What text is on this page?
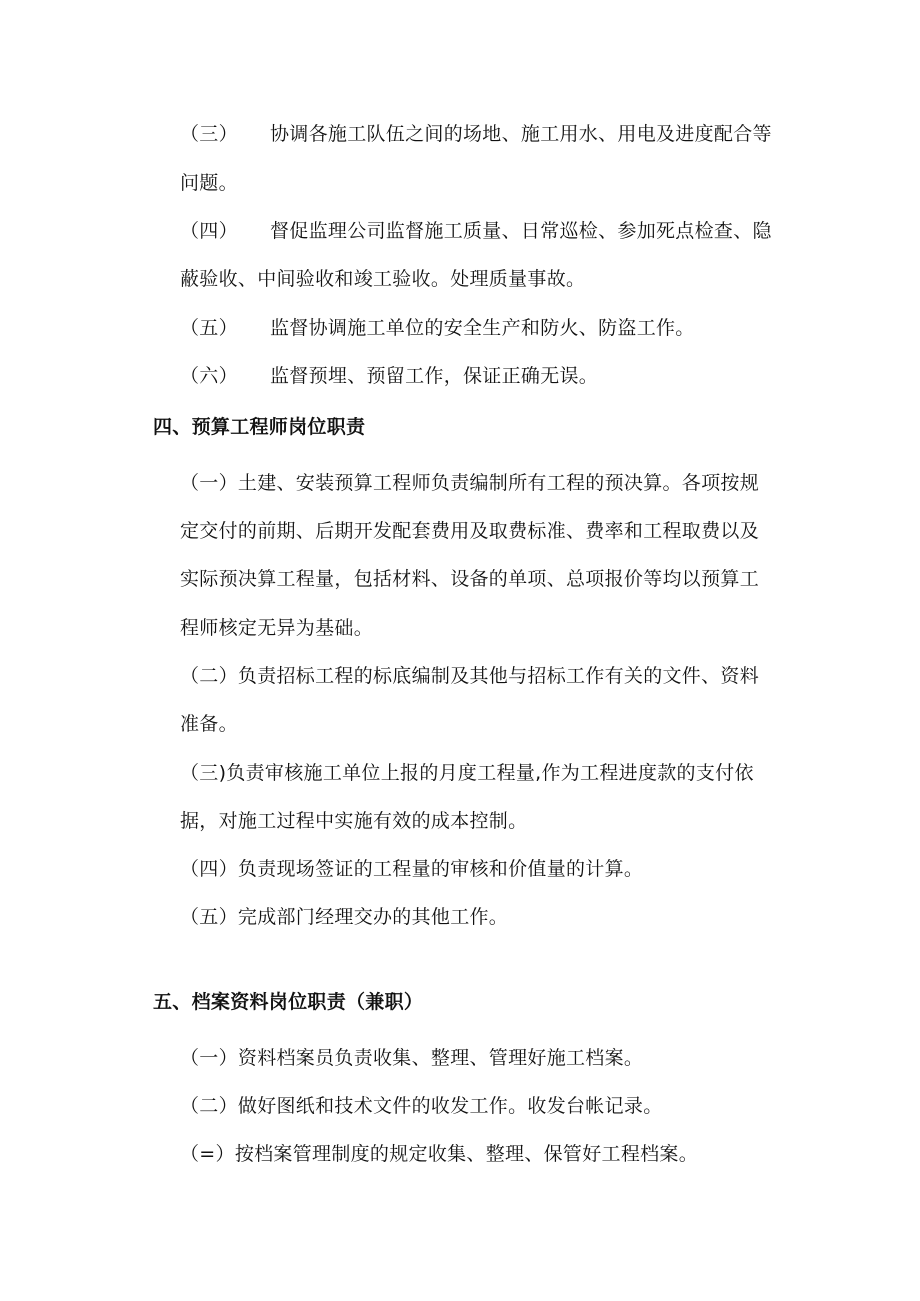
（三） 协调各施工队伍之间的场地、施工用水、用电及进度配合等
问题。
（四） 督促监理公司监督施工质量、日常巡检、参加死点检查、隐
蔽验收、中间验收和竣工验收。处理质量事故。
（五） 监督协调施工单位的安全生产和防火、防盗工作。
（六） 监督预埋、预留工作，保证正确无误。
四、预算工程师岗位职责
（一）土建、安装预算工程师负责编制所有工程的预决算。各项按规
定交付的前期、后期开发配套费用及取费标准、费率和工程取费以及
实际预决算工程量，包括材料、设备的单项、总项报价等均以预算工
程师核定无异为基础。
（二）负责招标工程的标底编制及其他与招标工作有关的文件、资料
准备。
（三)负责审核施工单位上报的月度工程量,作为工程进度款的支付依
据，对施工过程中实施有效的成本控制。
（四）负责现场签证的工程量的审核和价值量的计算。
（五）完成部门经理交办的其他工作。
五、档案资料岗位职责（兼职）
（一）资料档案员负责收集、整理、管理好施工档案。
（二）做好图纸和技术文件的收发工作。收发台帐记录。
（=）按档案管理制度的规定收集、整理、保管好工程档案。
